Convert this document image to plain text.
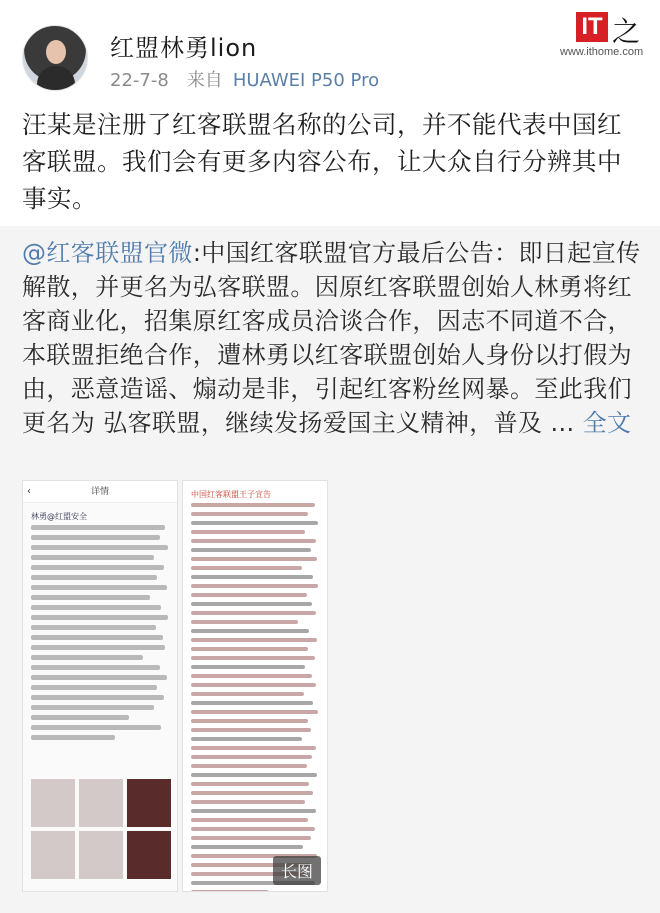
红盟林勇lion
22-7-8 来自 HUAWEI P50 Pro
IT 之
www.ithome.com
汪某是注册了红客联盟名称的公司，并不能代表中国红客联盟。我们会有更多内容公布，让大众自行分辨其中事实。
@红客联盟官微:中国红客联盟官方最后公告：即日起宣传解散，并更名为弘客联盟。因原红客联盟创始人林勇将红客商业化，招集原红客成员洽谈合作，因志不同道不合，本联盟拒绝合作，遭林勇以红客联盟创始人身份以打假为由，恶意造谣、煽动是非，引起红客粉丝网暴。至此我们更名为 弘客联盟，继续发扬爱国主义精神，普及 ... 全文
‹	详情
林勇@红盟安全
中国红客联盟王子宣告
长图
